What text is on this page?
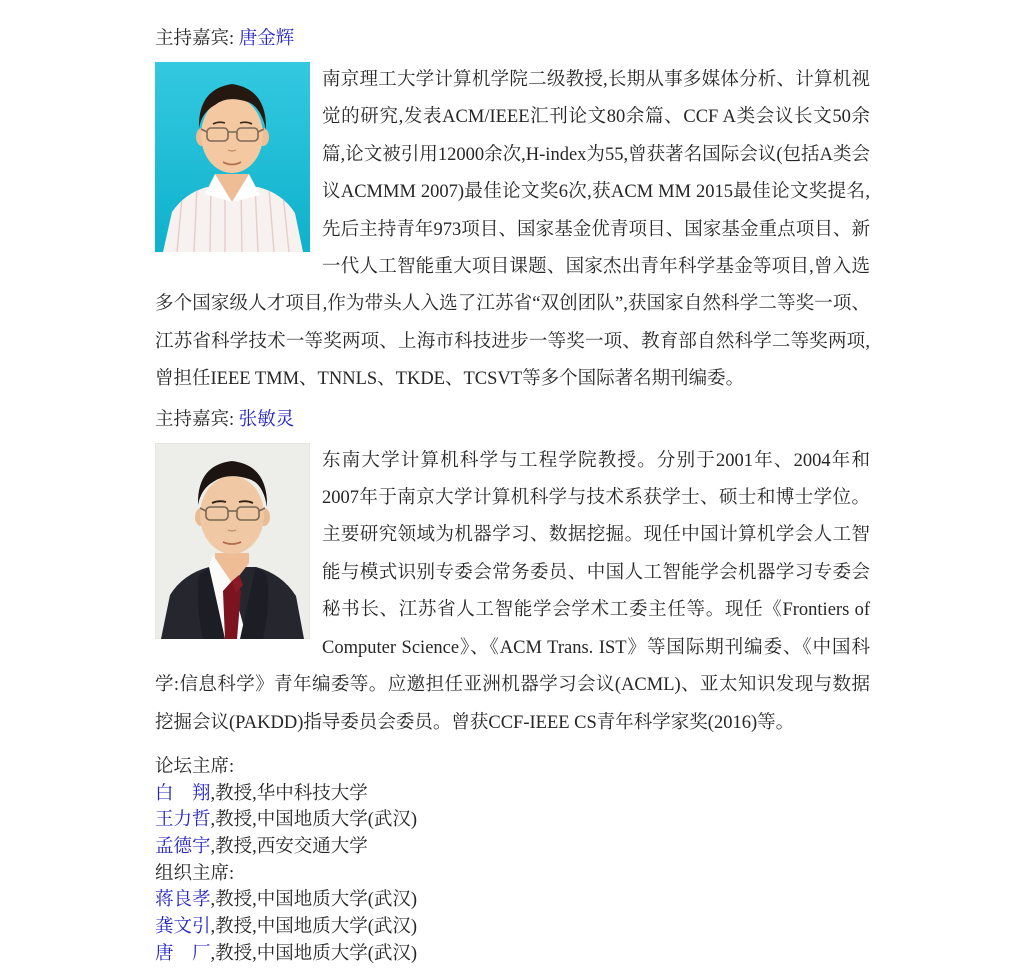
主持嘉宾: 唐金辉

南京理工大学计算机学院二级教授,长期从事多媒体分析、计算机视觉的研究,发表ACM/IEEE汇刊论文80余篇、CCF A类会议长文50余篇,论文被引用12000余次,H-index为55,曾获著名国际会议(包括A类会议ACMMM 2007)最佳论文奖6次,获ACM MM 2015最佳论文奖提名,先后主持青年973项目、国家基金优青项目、国家基金重点项目、新一代人工智能重大项目课题、国家杰出青年科学基金等项目,曾入选多个国家级人才项目,作为带头人入选了江苏省“双创团队”,获国家自然科学二等奖一项、江苏省科学技术一等奖两项、上海市科技进步一等奖一项、教育部自然科学二等奖两项,曾担任IEEE TMM、TNNLS、TKDE、TCSVT等多个国际著名期刊编委。

主持嘉宾: 张敏灵

东南大学计算机科学与工程学院教授。分别于2001年、2004年和2007年于南京大学计算机科学与技术系获学士、硕士和博士学位。主要研究领域为机器学习、数据挖掘。现任中国计算机学会人工智能与模式识别专委会常务委员、中国人工智能学会机器学习专委会秘书长、江苏省人工智能学会学术工委主任等。现任《Frontiers of Computer Science》、《ACM Trans. IST》等国际期刊编委、《中国科学:信息科学》青年编委等。应邀担任亚洲机器学习会议(ACML)、亚太知识发现与数据挖掘会议(PAKDD)指导委员会委员。曾获CCF-IEEE CS青年科学家奖(2016)等。

论坛主席:

白　翔,教授,华中科技大学

王力哲,教授,中国地质大学(武汉)

孟德宇,教授,西安交通大学

组织主席:

蒋良孝,教授,中国地质大学(武汉)

龚文引,教授,中国地质大学(武汉)

唐　厂,教授,中国地质大学(武汉)
